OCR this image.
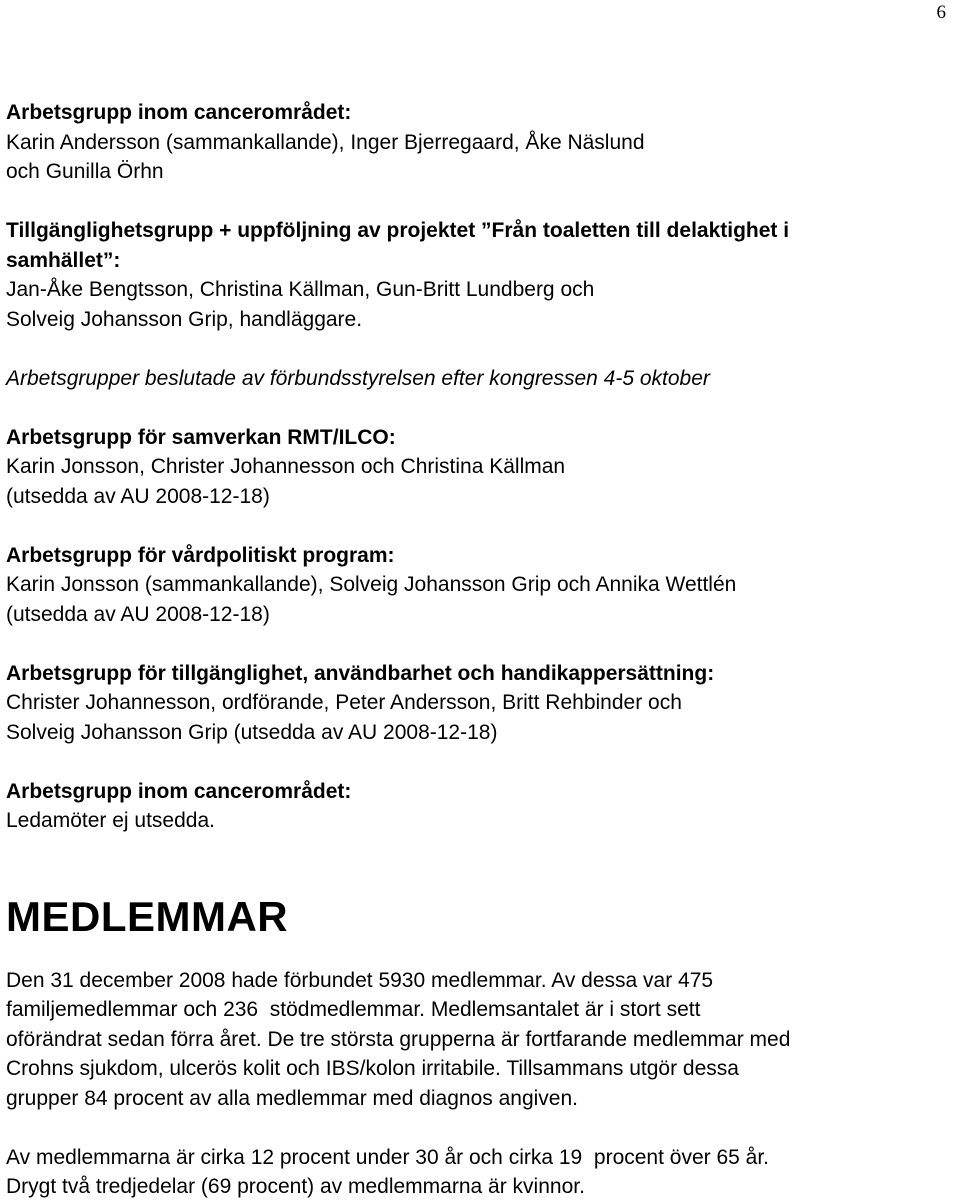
6

Arbetsgrupp inom cancerområdet:

Karin Andersson (sammankallande), Inger Bjerregaard, Åke Näslund

och Gunilla Örhn

Tillgänglighetsgrupp + uppföljning av projektet ”Från toaletten till delaktighet i

samhället”:

Jan-Åke Bengtsson, Christina Källman, Gun-Britt Lundberg och

Solveig Johansson Grip, handläggare.

Arbetsgrupper beslutade av förbundsstyrelsen efter kongressen 4-5 oktober

Arbetsgrupp för samverkan RMT/ILCO:

Karin Jonsson, Christer Johannesson och Christina Källman

(utsedda av AU 2008-12-18)

Arbetsgrupp för vårdpolitiskt program:

Karin Jonsson (sammankallande), Solveig Johansson Grip och Annika Wettlén

(utsedda av AU 2008-12-18)

Arbetsgrupp för tillgänglighet, användbarhet och handikappersättning:

Christer Johannesson, ordförande, Peter Andersson, Britt Rehbinder och

Solveig Johansson Grip (utsedda av AU 2008-12-18)

Arbetsgrupp inom cancerområdet:

Ledamöter ej utsedda.

MEDLEMMAR

Den 31 december 2008 hade förbundet 5930 medlemmar. Av dessa var 475

familjemedlemmar och 236  stödmedlemmar. Medlemsantalet är i stort sett

oförändrat sedan förra året. De tre största grupperna är fortfarande medlemmar med

Crohns sjukdom, ulcerös kolit och IBS/kolon irritabile. Tillsammans utgör dessa

grupper 84 procent av alla medlemmar med diagnos angiven.

Av medlemmarna är cirka 12 procent under 30 år och cirka 19  procent över 65 år.

Drygt två tredjedelar (69 procent) av medlemmarna är kvinnor.
